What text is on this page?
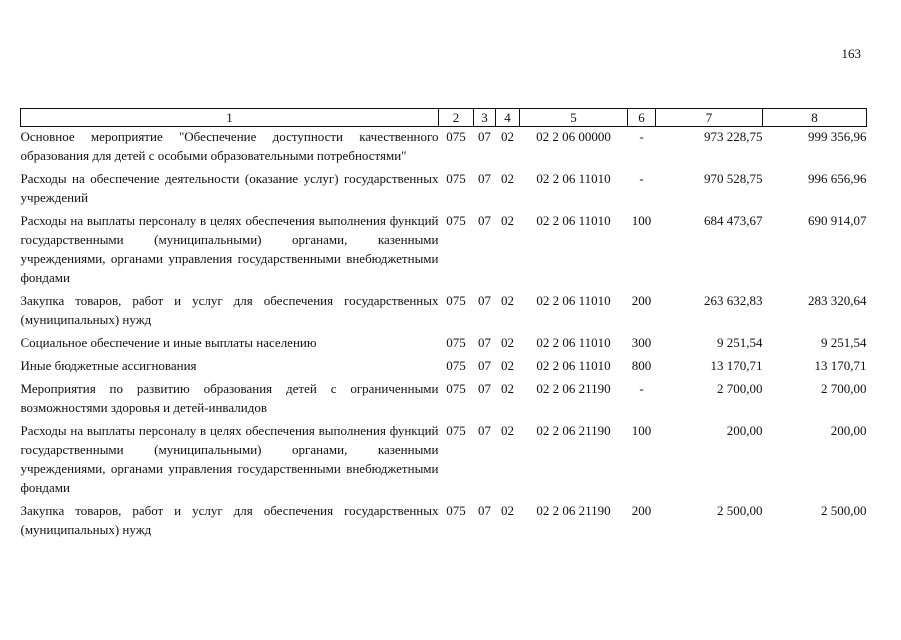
163
1	2	3	4	5	6	7	8
Основное мероприятие "Обеспечение доступности качественного образования для детей с особыми образовательными потребностями"	075	07	02	02 2 06 00000	-	973 228,75	999 356,96
Расходы на обеспечение деятельности (оказание услуг) государственных учреждений	075	07	02	02 2 06 11010	-	970 528,75	996 656,96
Расходы на выплаты персоналу в целях обеспечения выполнения функций государственными (муниципальными) органами, казенными учреждениями, органами управления государственными внебюджетными фондами	075	07	02	02 2 06 11010	100	684 473,67	690 914,07
Закупка товаров, работ и услуг для обеспечения государственных (муниципальных) нужд	075	07	02	02 2 06 11010	200	263 632,83	283 320,64
Социальное обеспечение и иные выплаты населению	075	07	02	02 2 06 11010	300	9 251,54	9 251,54
Иные бюджетные ассигнования	075	07	02	02 2 06 11010	800	13 170,71	13 170,71
Мероприятия по развитию образования детей с ограниченными возможностями здоровья и детей-инвалидов	075	07	02	02 2 06 21190	-	2 700,00	2 700,00
Расходы на выплаты персоналу в целях обеспечения выполнения функций государственными (муниципальными) органами, казенными учреждениями, органами управления государственными внебюджетными фондами	075	07	02	02 2 06 21190	100	200,00	200,00
Закупка товаров, работ и услуг для обеспечения государственных (муниципальных) нужд	075	07	02	02 2 06 21190	200	2 500,00	2 500,00
